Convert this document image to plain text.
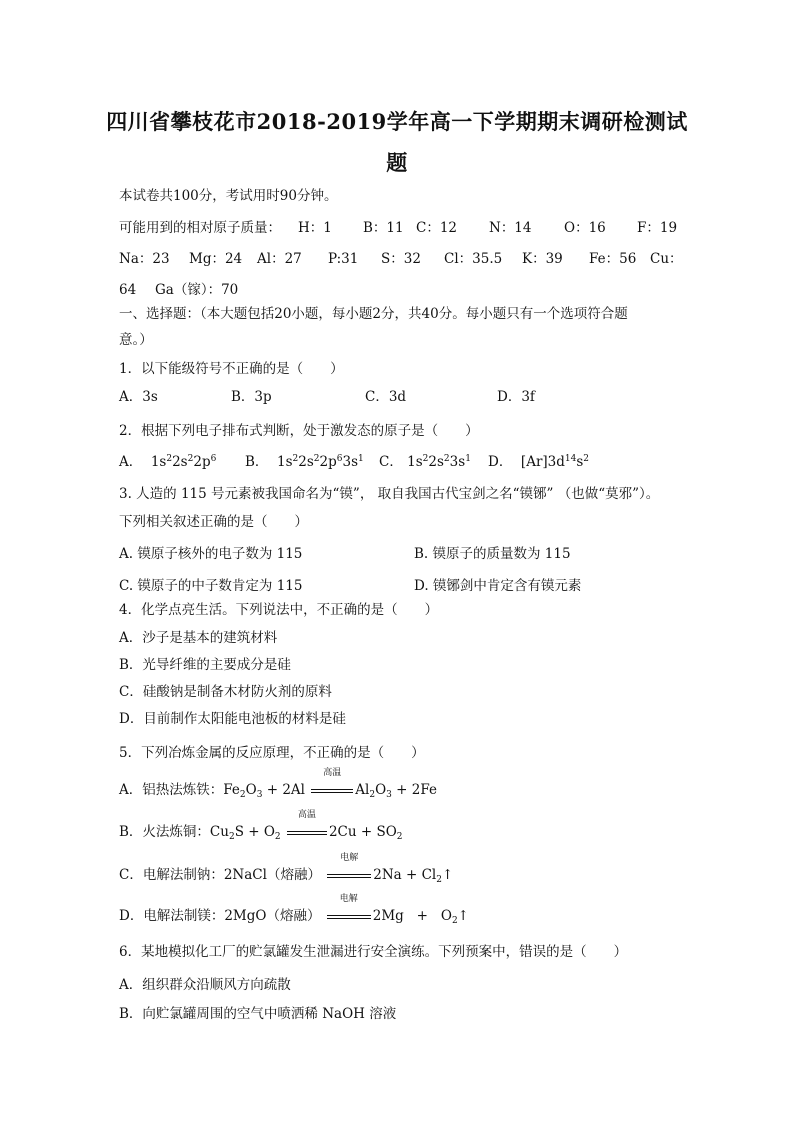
四川省攀枝花市2018-2019学年高一下学期期末调研检测试
题
本试卷共100分，考试用时90分钟。
可能用到的相对原子质量： H：1 B：11 C：12 N：14 O：16 F：19
Na：23 Mg：24 Al：27 P:31 S：32 Cl：35.5 K：39 Fe：56 Cu：
64 Ga（镓）：70
一、选择题：（本大题包括20小题，每小题2分，共40分。每小题只有一个选项符合题
意。）
1．以下能级符号不正确的是（　　）
A．3s	B．3p	C．3d	D．3f
2．根据下列电子排布式判断，处于激发态的原子是（　　）
A．  $1s^22s^22p^6$ B．  $1s^22s^22p^63s^1$ C． $1s^22s^23s^1$ D． $[Ar]3d^{14}s^2$
3. 人造的 115 号元素被我国命名为“镆”， 取自我国古代宝剑之名“镆铘” （也做“莫邪”）。
下列相关叙述正确的是（　　）
A. 镆原子核外的电子数为 115	B. 镆原子的质量数为 115
C. 镆原子的中子数肯定为 115	D. 镆铘剑中肯定含有镆元素
4．化学点亮生活。下列说法中，不正确的是（　　）
A．沙子是基本的建筑材料
B．光导纤维的主要成分是硅
C．硅酸钠是制备木材防火剂的原料
D．目前制作太阳能电池板的材料是硅
5．下列冶炼金属的反应原理，不正确的是（　　）
A．铝热法炼铁：$Fe_2O_3 + 2Al$
高温
$Al_2O_3 + 2Fe$
B．火法炼铜：$Cu_2S + O_2$
高温
$2Cu + SO_2$
C．电解法制钠：2NaCl（熔融）
电解
$2Na + Cl_2↑$
D．电解法制镁：2MgO（熔融）
电解
$2Mg + O_2↑$
6．某地模拟化工厂的贮氯罐发生泄漏进行安全演练。下列预案中，错误的是（　　）
A．组织群众沿顺风方向疏散
B．向贮氯罐周围的空气中喷洒稀 NaOH 溶液
